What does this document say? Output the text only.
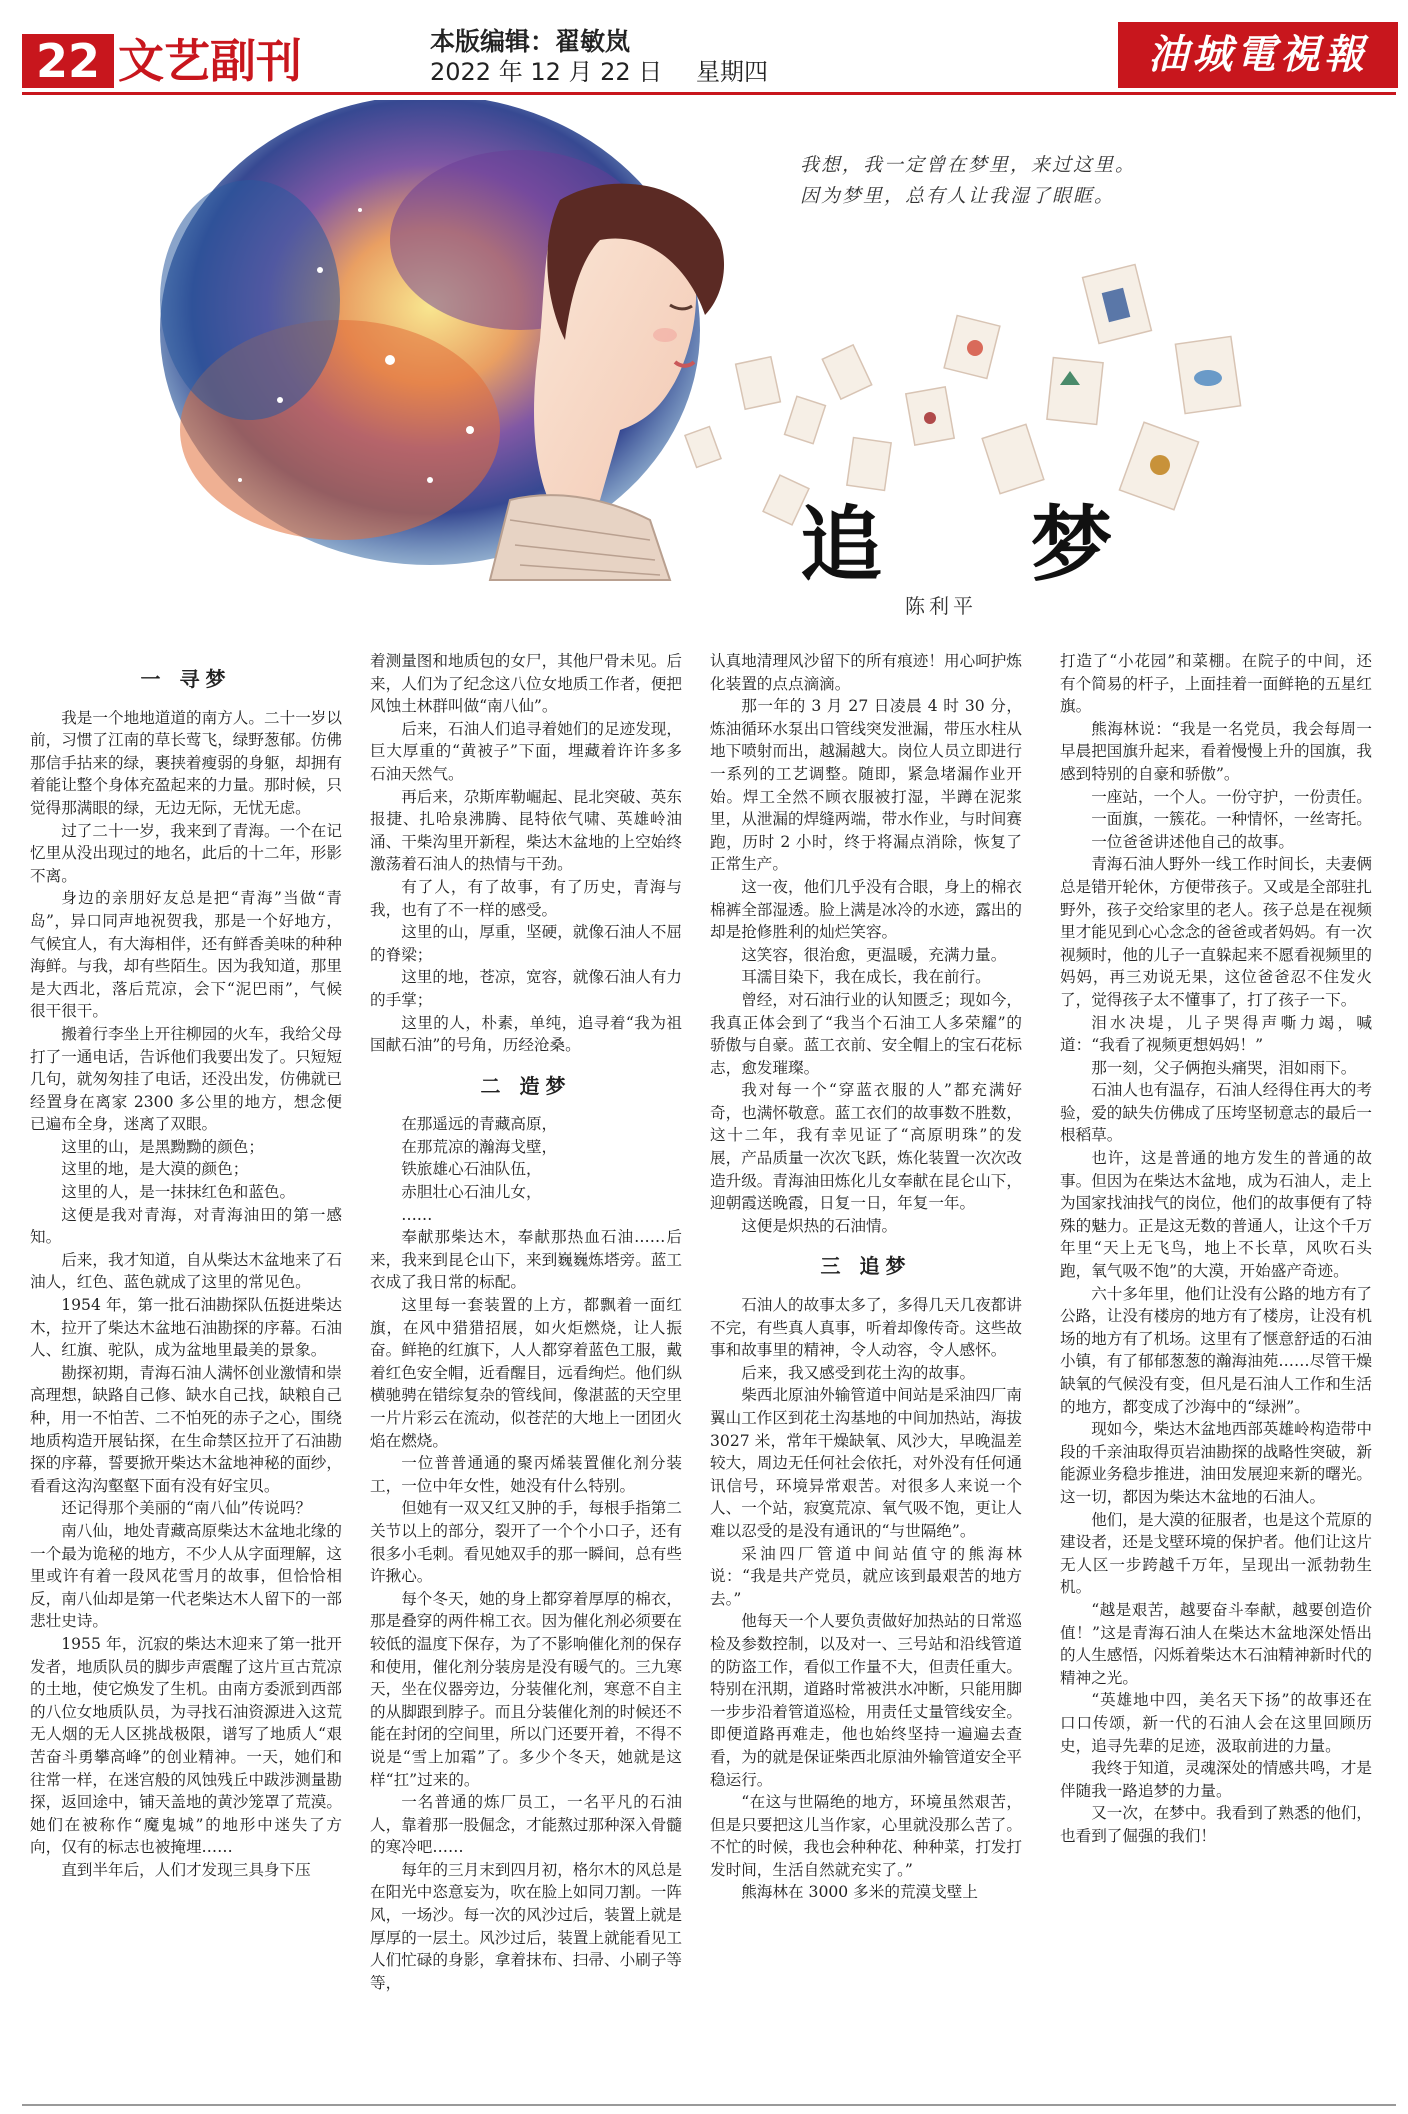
22 文艺副刊	本版编辑：翟敏岚
2022 年 12 月 22 日 星期四	油城電視報
我想，我一定曾在梦里，来过这里。
因为梦里，总有人让我湿了眼眶。
追 梦
陈利平
一 寻梦

我是一个地地道道的南方人。二十一岁以前，习惯了江南的草长莺飞，绿野葱郁。仿佛那信手拈来的绿，裹挟着瘦弱的身躯，却拥有着能让整个身体充盈起来的力量。那时候，只觉得那满眼的绿，无边无际，无忧无虑。

过了二十一岁，我来到了青海。一个在记忆里从没出现过的地名，此后的十二年，形影不离。

身边的亲朋好友总是把“青海”当做“青岛”，异口同声地祝贺我，那是一个好地方，气候宜人，有大海相伴，还有鲜香美味的种种海鲜。与我，却有些陌生。因为我知道，那里是大西北，落后荒凉，会下“泥巴雨”，气候很干很干。

搬着行李坐上开往柳园的火车，我给父母打了一通电话，告诉他们我要出发了。只短短几句，就匆匆挂了电话，还没出发，仿佛就已经置身在离家 2300 多公里的地方，想念便已遍布全身，迷离了双眼。

这里的山，是黑黝黝的颜色；

这里的地，是大漠的颜色；

这里的人，是一抹抹红色和蓝色。

这便是我对青海，对青海油田的第一感知。

后来，我才知道，自从柴达木盆地来了石油人，红色、蓝色就成了这里的常见色。

1954 年，第一批石油勘探队伍挺进柴达木，拉开了柴达木盆地石油勘探的序幕。石油人、红旗、驼队，成为盆地里最美的景象。

勘探初期，青海石油人满怀创业激情和崇高理想，缺路自己修、缺水自己找，缺粮自己种，用一不怕苦、二不怕死的赤子之心，围绕地质构造开展钻探，在生命禁区拉开了石油勘探的序幕，誓要掀开柴达木盆地神秘的面纱，看看这沟沟壑壑下面有没有好宝贝。

还记得那个美丽的“南八仙”传说吗？

南八仙，地处青藏高原柴达木盆地北缘的一个最为诡秘的地方，不少人从字面理解，这里或许有着一段风花雪月的故事，但恰恰相反，南八仙却是第一代老柴达木人留下的一部悲壮史诗。

1955 年，沉寂的柴达木迎来了第一批开发者，地质队员的脚步声震醒了这片亘古荒凉的土地，使它焕发了生机。由南方委派到西部的八位女地质队员，为寻找石油资源进入这荒无人烟的无人区挑战极限，谱写了地质人“艰苦奋斗勇攀高峰”的创业精神。一天，她们和往常一样，在迷宫般的风蚀残丘中跋涉测量勘探，返回途中，铺天盖地的黄沙笼罩了荒漠。她们在被称作“魔鬼城”的地形中迷失了方向，仅有的标志也被掩埋……

直到半年后，人们才发现三具身下压

着测量图和地质包的女尸，其他尸骨未见。后来，人们为了纪念这八位女地质工作者，便把风蚀土林群叫做“南八仙”。

后来，石油人们追寻着她们的足迹发现，巨大厚重的“黄被子”下面，埋藏着许许多多石油天然气。

再后来，尕斯库勒崛起、昆北突破、英东报捷、扎哈泉沸腾、昆特依气啸、英雄岭油涌、干柴沟里开新程，柴达木盆地的上空始终激荡着石油人的热情与干劲。

有了人，有了故事，有了历史，青海与我，也有了不一样的感受。

这里的山，厚重，坚硬，就像石油人不屈的脊梁；

这里的地，苍凉，宽容，就像石油人有力的手掌；

这里的人，朴素，单纯，追寻着“我为祖国献石油”的号角，历经沧桑。

二 造梦

在那遥远的青藏高原，

在那荒凉的瀚海戈壁，

铁旅雄心石油队伍，

赤胆壮心石油儿女，

……

奉献那柴达木，奉献那热血石油……后来，我来到昆仑山下，来到巍巍炼塔旁。蓝工衣成了我日常的标配。

这里每一套装置的上方，都飘着一面红旗，在风中猎猎招展，如火炬燃烧，让人振奋。鲜艳的红旗下，人人都穿着蓝色工服，戴着红色安全帽，近看醒目，远看绚烂。他们纵横驰骋在错综复杂的管线间，像湛蓝的天空里一片片彩云在流动，似苍茫的大地上一团团火焰在燃烧。

一位普普通通的聚丙烯装置催化剂分装工，一位中年女性，她没有什么特别。

但她有一双又红又肿的手，每根手指第二关节以上的部分，裂开了一个个小口子，还有很多小毛刺。看见她双手的那一瞬间，总有些许揪心。

每个冬天，她的身上都穿着厚厚的棉衣，那是叠穿的两件棉工衣。因为催化剂必须要在较低的温度下保存，为了不影响催化剂的保存和使用，催化剂分装房是没有暖气的。三九寒天，坐在仪器旁边，分装催化剂，寒意不自主的从脚跟到脖子。而且分装催化剂的时候还不能在封闭的空间里，所以门还要开着，不得不说是“雪上加霜”了。多少个冬天，她就是这样“扛”过来的。

一名普通的炼厂员工，一名平凡的石油人，靠着那一股倔念，才能熬过那种深入骨髓的寒冷吧……

每年的三月末到四月初，格尔木的风总是在阳光中恣意妄为，吹在脸上如同刀割。一阵风，一场沙。每一次的风沙过后，装置上就是厚厚的一层土。风沙过后，装置上就能看见工人们忙碌的身影，拿着抹布、扫帚、小刷子等等，

认真地清理风沙留下的所有痕迹！用心呵护炼化装置的点点滴滴。

那一年的 3 月 27 日凌晨 4 时 30 分，炼油循环水泵出口管线突发泄漏，带压水柱从地下喷射而出，越漏越大。岗位人员立即进行一系列的工艺调整。随即，紧急堵漏作业开始。焊工全然不顾衣服被打湿，半蹲在泥浆里，从泄漏的焊缝两端，带水作业，与时间赛跑，历时 2 小时，终于将漏点消除，恢复了正常生产。

这一夜，他们几乎没有合眼，身上的棉衣棉裤全部湿透。脸上满是冰冷的水迹，露出的却是抢修胜利的灿烂笑容。

这笑容，很治愈，更温暖，充满力量。

耳濡目染下，我在成长，我在前行。

曾经，对石油行业的认知匮乏；现如今，我真正体会到了“我当个石油工人多荣耀”的骄傲与自豪。蓝工衣前、安全帽上的宝石花标志，愈发璀璨。

我对每一个“穿蓝衣服的人”都充满好奇，也满怀敬意。蓝工衣们的故事数不胜数，这十二年，我有幸见证了“高原明珠”的发展，产品质量一次次飞跃，炼化装置一次次改造升级。青海油田炼化儿女奉献在昆仑山下，迎朝霞送晚霞，日复一日，年复一年。

这便是炽热的石油情。

三 追梦

石油人的故事太多了，多得几天几夜都讲不完，有些真人真事，听着却像传奇。这些故事和故事里的精神，令人动容，令人感怀。

后来，我又感受到花土沟的故事。

柴西北原油外输管道中间站是采油四厂南翼山工作区到花土沟基地的中间加热站，海拔 3027 米，常年干燥缺氧、风沙大，早晚温差较大，周边无任何社会依托，对外没有任何通讯信号，环境异常艰苦。对很多人来说一个人、一个站，寂寞荒凉、氧气吸不饱，更让人难以忍受的是没有通讯的“与世隔绝”。

采油四厂管道中间站值守的熊海林说：“我是共产党员，就应该到最艰苦的地方去。”

他每天一个人要负责做好加热站的日常巡检及参数控制，以及对一、三号站和沿线管道的防盗工作，看似工作量不大，但责任重大。特别在汛期，道路时常被洪水冲断，只能用脚一步步沿着管道巡检，用责任丈量管线安全。即便道路再难走，他也始终坚持一遍遍去查看，为的就是保证柴西北原油外输管道安全平稳运行。

“在这与世隔绝的地方，环境虽然艰苦，但是只要把这儿当作家，心里就没那么苦了。不忙的时候，我也会种种花、种种菜，打发打发时间，生活自然就充实了。”

熊海林在 3000 多米的荒漠戈壁上

打造了“小花园”和菜棚。在院子的中间，还有个简易的杆子，上面挂着一面鲜艳的五星红旗。

熊海林说：“我是一名党员，我会每周一早晨把国旗升起来，看着慢慢上升的国旗，我感到特别的自豪和骄傲”。

一座站，一个人。一份守护，一份责任。

一面旗，一簇花。一种情怀，一丝寄托。

一位爸爸讲述他自己的故事。

青海石油人野外一线工作时间长，夫妻俩总是错开轮休，方便带孩子。又或是全部驻扎野外，孩子交给家里的老人。孩子总是在视频里才能见到心心念念的爸爸或者妈妈。有一次视频时，他的儿子一直躲起来不愿看视频里的妈妈，再三劝说无果，这位爸爸忍不住发火了，觉得孩子太不懂事了，打了孩子一下。

泪水决堤，儿子哭得声嘶力竭，喊道：“我看了视频更想妈妈！”

那一刻，父子俩抱头痛哭，泪如雨下。

石油人也有温存，石油人经得住再大的考验，爱的缺失仿佛成了压垮坚韧意志的最后一根稻草。

也许，这是普通的地方发生的普通的故事。但因为在柴达木盆地，成为石油人，走上为国家找油找气的岗位，他们的故事便有了特殊的魅力。正是这无数的普通人，让这个千万年里“天上无飞鸟，地上不长草，风吹石头跑，氧气吸不饱”的大漠，开始盛产奇迹。

六十多年里，他们让没有公路的地方有了公路，让没有楼房的地方有了楼房，让没有机场的地方有了机场。这里有了惬意舒适的石油小镇，有了郁郁葱葱的瀚海油苑……尽管干燥缺氧的气候没有变，但凡是石油人工作和生活的地方，都变成了沙海中的“绿洲”。

现如今，柴达木盆地西部英雄岭构造带中段的千亲油取得页岩油勘探的战略性突破，新能源业务稳步推进，油田发展迎来新的曙光。这一切，都因为柴达木盆地的石油人。

他们，是大漠的征服者，也是这个荒原的建设者，还是戈壁环境的保护者。他们让这片无人区一步跨越千万年，呈现出一派勃勃生机。

“越是艰苦，越要奋斗奉献，越要创造价值！”这是青海石油人在柴达木盆地深处悟出的人生感悟，闪烁着柴达木石油精神新时代的精神之光。

“英雄地中四，美名天下扬”的故事还在口口传颂，新一代的石油人会在这里回顾历史，追寻先辈的足迹，汲取前进的力量。

我终于知道，灵魂深处的情感共鸣，才是伴随我一路追梦的力量。

又一次，在梦中。我看到了熟悉的他们，也看到了倔强的我们！
